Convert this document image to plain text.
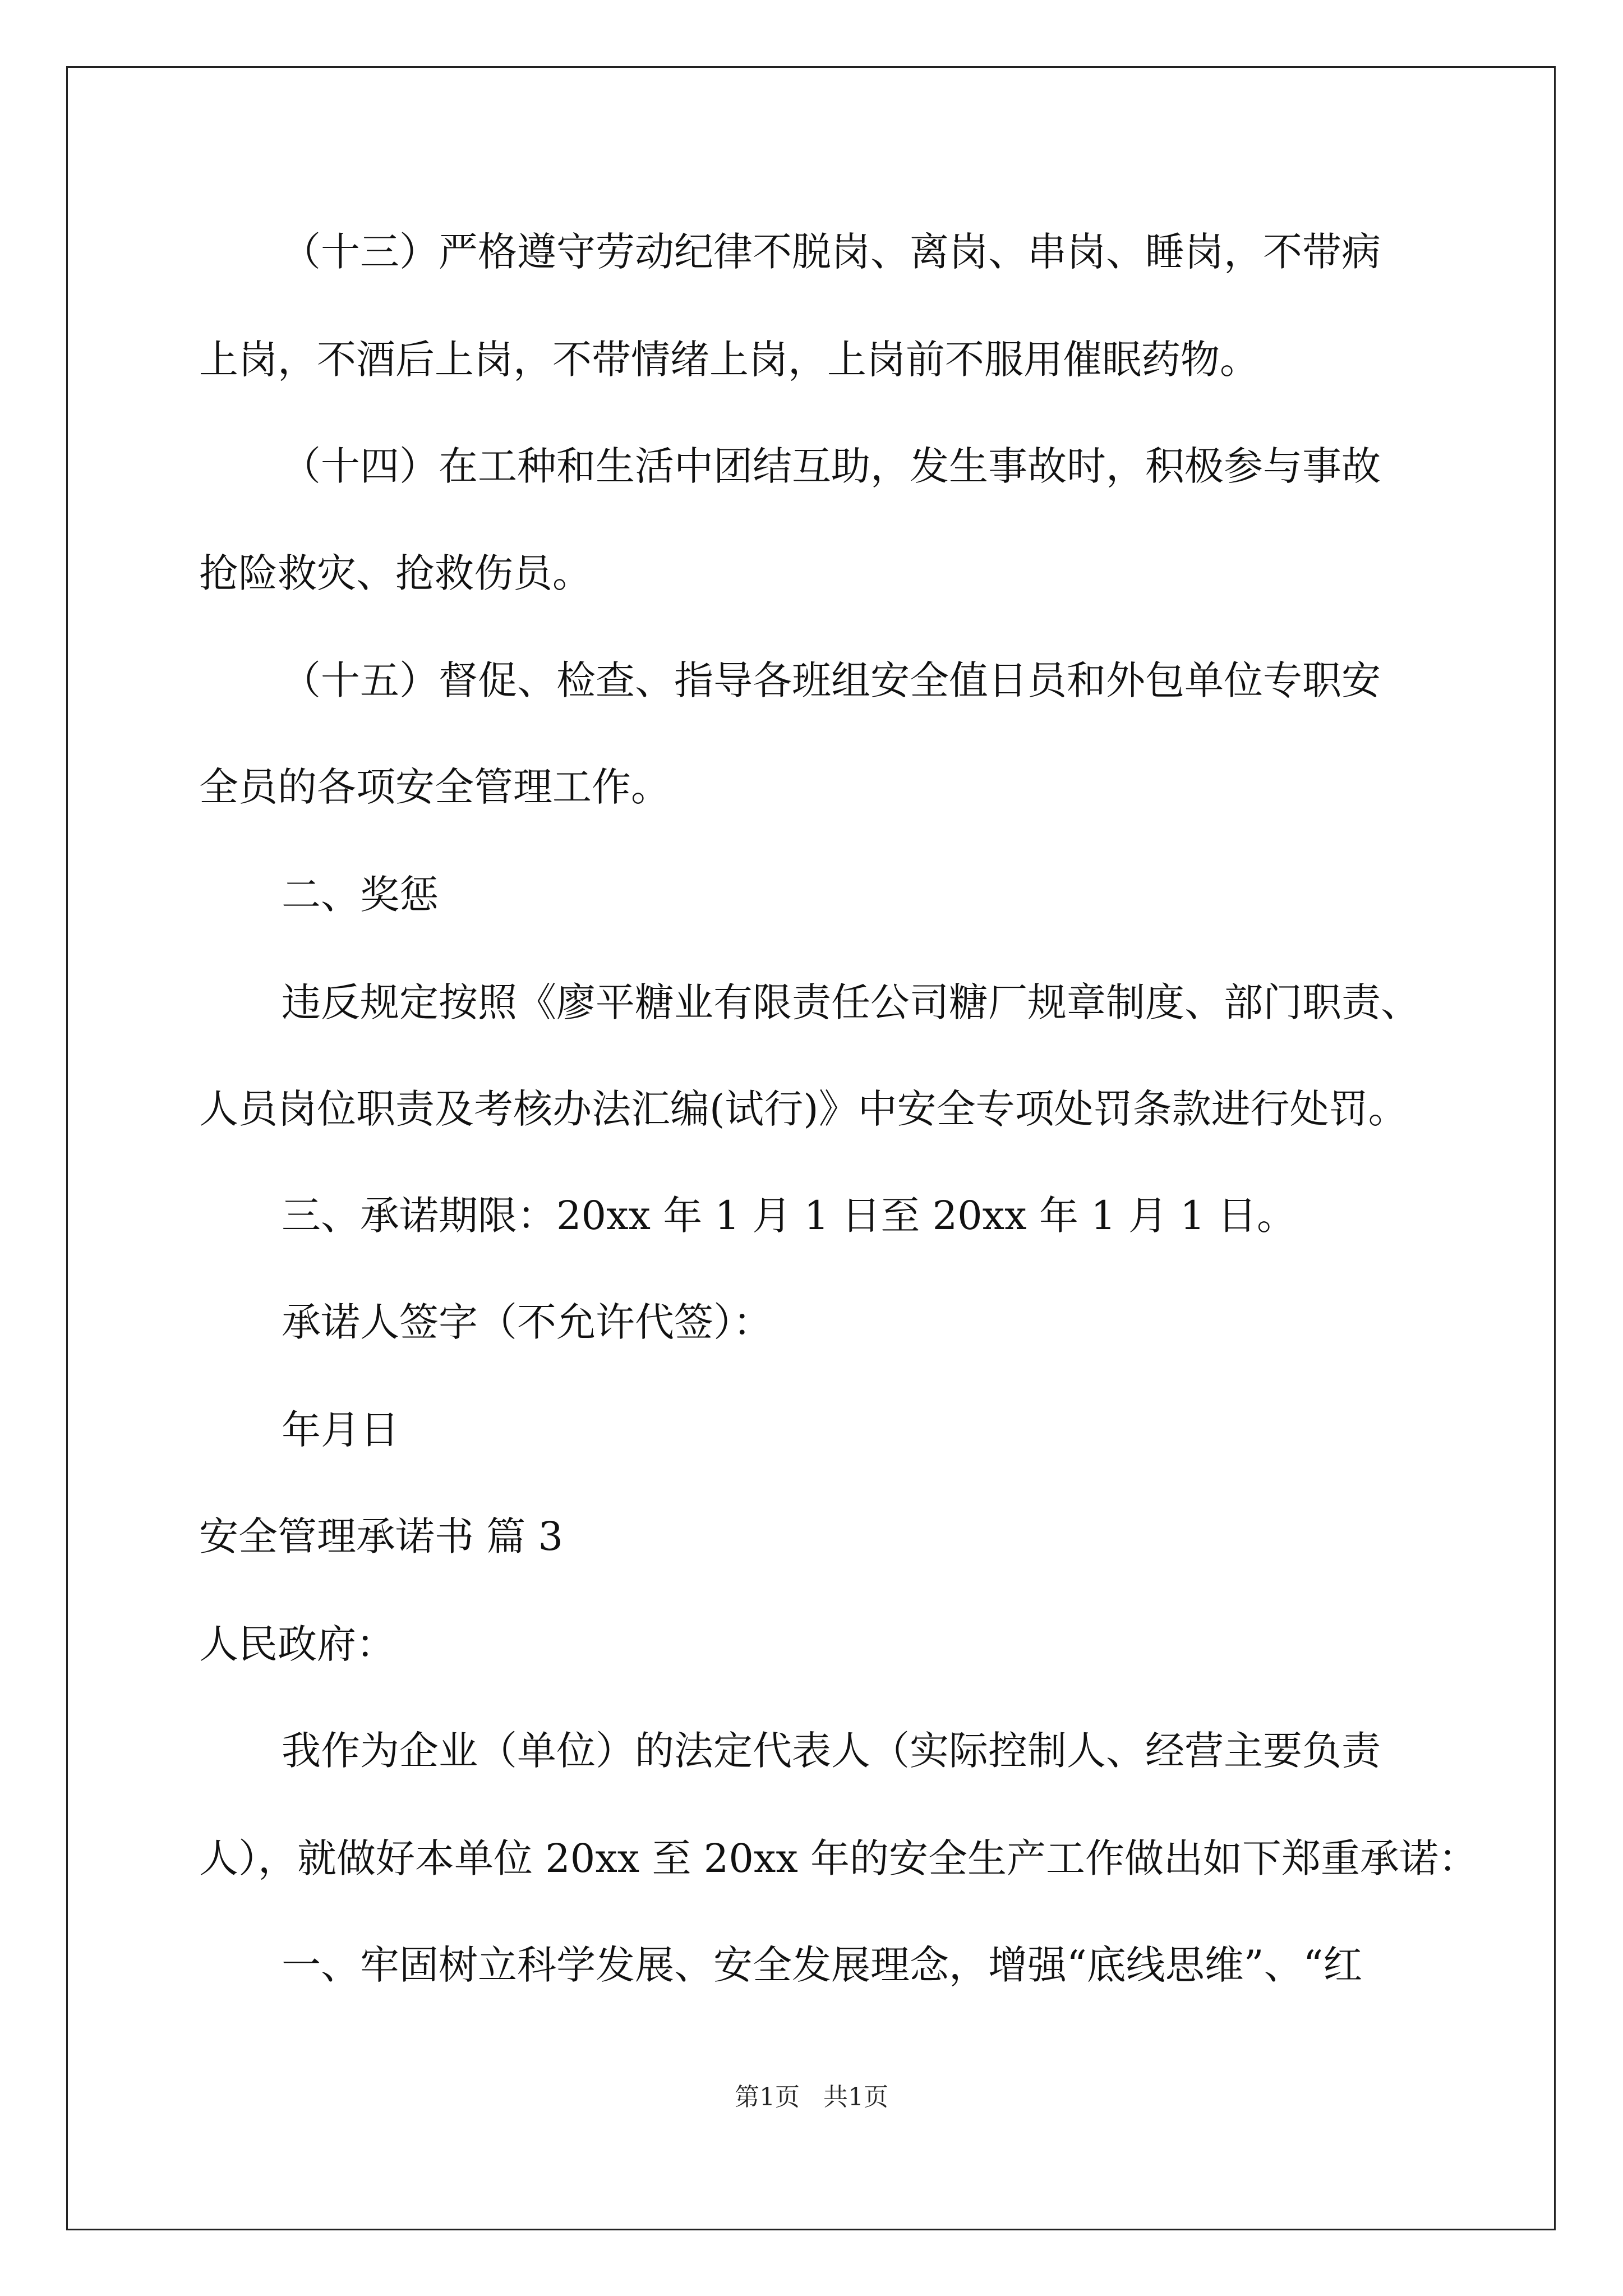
（十三）严格遵守劳动纪律不脱岗、离岗、串岗、睡岗，不带病
上岗，不酒后上岗，不带情绪上岗，上岗前不服用催眠药物。
（十四）在工种和生活中团结互助，发生事故时，积极参与事故
抢险救灾、抢救伤员。
（十五）督促、检查、指导各班组安全值日员和外包单位专职安
全员的各项安全管理工作。
二、奖惩
违反规定按照《廖平糖业有限责任公司糖厂规章制度、部门职责、
人员岗位职责及考核办法汇编(试行)》中安全专项处罚条款进行处罚。
三、承诺期限：20xx 年 1 月 1 日至 20xx 年 1 月 1 日。
承诺人签字（不允许代签）：
年月日
安全管理承诺书 篇 3
人民政府：
我作为企业（单位）的法定代表人（实际控制人、经营主要负责
人），就做好本单位 20xx 至 20xx 年的安全生产工作做出如下郑重承诺：
一、牢固树立科学发展、安全发展理念，增强“底线思维”、“红
第1页   共1页
